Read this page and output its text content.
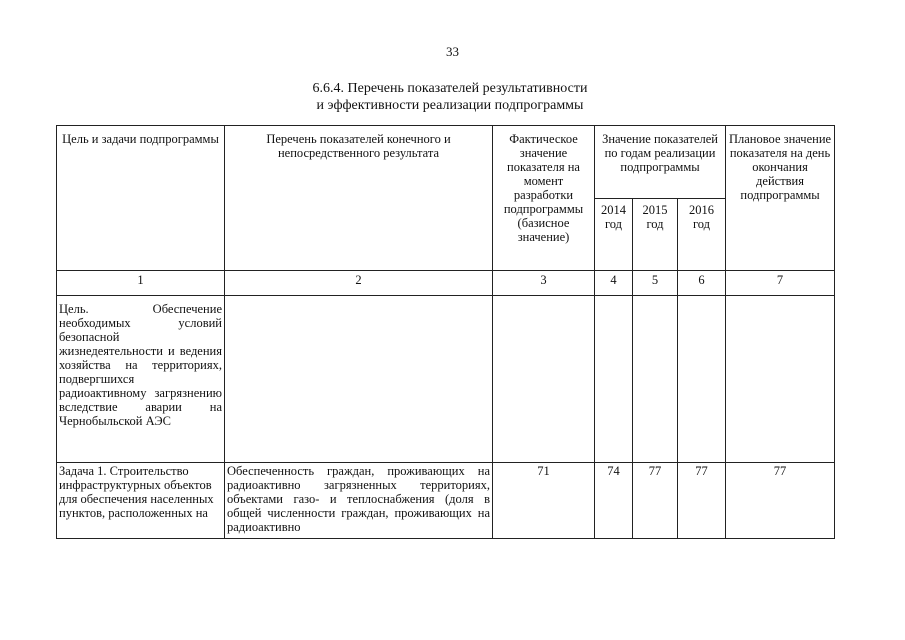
33
6.6.4. Перечень показателей результативности
и эффективности реализации подпрограммы
Цель и задачи подпрограммы	Перечень показателей конечного и непосредственного результата	Фактическое значение показателя на момент разработки подпрограммы (базисное значение)	Значение показателей по годам реализации подпрограммы			Плановое значение показателя на день окончания действия подпрограммы
			2014 год	2015 год	2016 год	
1	2	3	4	5	6	7
Цель. Обеспечение необходимых условий безопасной жизнедеятельности и ведения хозяйства на территориях, подвергшихся радиоактивному загрязнению вследствие аварии на Чернобыльской АЭС						
Задача 1. Строительство инфраструктурных объектов для обеспечения населенных пунктов, расположенных на	Обеспеченность граждан, проживающих на радиоактивно загрязненных территориях, объектами газо- и теплоснабжения (доля в общей численности граждан, проживающих на радиоактивно	71	74	77	77	77
